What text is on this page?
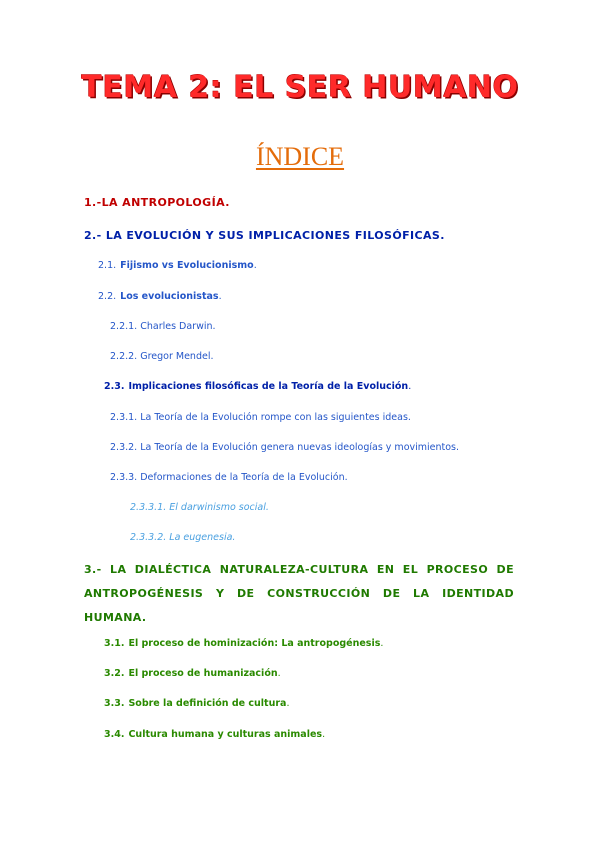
TEMA 2: EL SER HUMANO
ÍNDICE
1.-LA ANTROPOLOGÍA.
2.- LA EVOLUCIÓN Y SUS IMPLICACIONES FILOSÓFICAS.
2.1. Fijismo vs Evolucionismo.
2.2. Los evolucionistas.
2.2.1. Charles Darwin.
2.2.2. Gregor Mendel.
2.3. Implicaciones filosóficas de la Teoría de la Evolución.
2.3.1. La Teoría de la Evolución rompe con las siguientes ideas.
2.3.2. La Teoría de la Evolución genera nuevas ideologías y movimientos.
2.3.3. Deformaciones de la Teoría de la Evolución.
2.3.3.1. El darwinismo social.
2.3.3.2. La eugenesia.
3.- LA DIALÉCTICA NATURALEZA-CULTURA EN EL PROCESO DE
ANTROPOGÉNESIS Y DE CONSTRUCCIÓN DE LA IDENTIDAD
HUMANA.
3.1. El proceso de hominización: La antropogénesis.
3.2. El proceso de humanización.
3.3. Sobre la definición de cultura.
3.4. Cultura humana y culturas animales.
